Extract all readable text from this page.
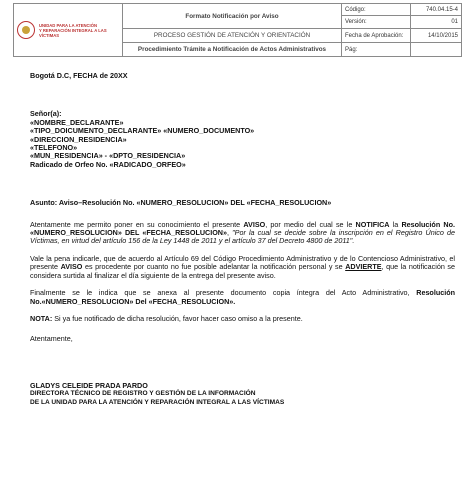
UNIDAD PARA LA ATENCIÓN
Y REPARACIÓN INTEGRAL A LAS VÍCTIMAS	Formato Notificación por Aviso	Código:	740.04.15-4
		Versión:	01
	PROCESO GESTIÓN DE ATENCIÓN Y ORIENTACIÓN	Fecha de Aprobación:	14/10/2015
	Procedimiento Trámite a Notificación de Actos Administrativos	Pág:	

Bogotá D.C, FECHA de 20XX

Señor(a):

«NOMBRE_DECLARANTE»
«TIPO_DOICUMENTO_DECLARANTE» «NUMERO_DOCUMENTO»
«DIRECCION_RESIDENCIA»
«TELEFONO»
«MUN_RESIDENCIA» - «DPTO_RESIDENCIA»
Radicado de Orfeo No. «RADICADO_ORFEO»

Asunto: Aviso–Resolución No. «NUMERO_RESOLUCION» DEL «FECHA_RESOLUCION»

Atentamente me permito poner en su conocimiento el presente AVISO, por medio del cual se le NOTIFICA la Resolución No. «NUMERO_RESOLUCION» DEL «FECHA_RESOLUCION», "Por la cual se decide sobre la inscripción en el Registro Único de Víctimas, en virtud del artículo 156 de la Ley 1448 de 2011 y el artículo 37 del Decreto 4800 de 2011".

Vale la pena indicarle, que de acuerdo al Artículo 69 del Código Procedimiento Administrativo y de lo Contencioso Administrativo, el presente AVISO es procedente por cuanto no fue posible adelantar la notificación personal y se ADVIERTE, que la notificación se considera surtida al finalizar el día siguiente de la entrega del presente aviso.

Finalmente se le indica que se anexa al presente documento copia íntegra del Acto Administrativo, Resolución No.«NUMERO_RESOLUCION» Del «FECHA_RESOLUCION».

NOTA: Si ya fue notificado de dicha resolución, favor hacer caso omiso a la presente.

Atentamente,

GLADYS CELEIDE PRADA PARDO

DIRECTORA TÉCNICO DE REGISTRO Y GESTIÓN DE LA INFORMACIÓN

DE LA UNIDAD PARA LA ATENCIÓN Y REPARACIÓN INTEGRAL A LAS VÍCTIMAS
